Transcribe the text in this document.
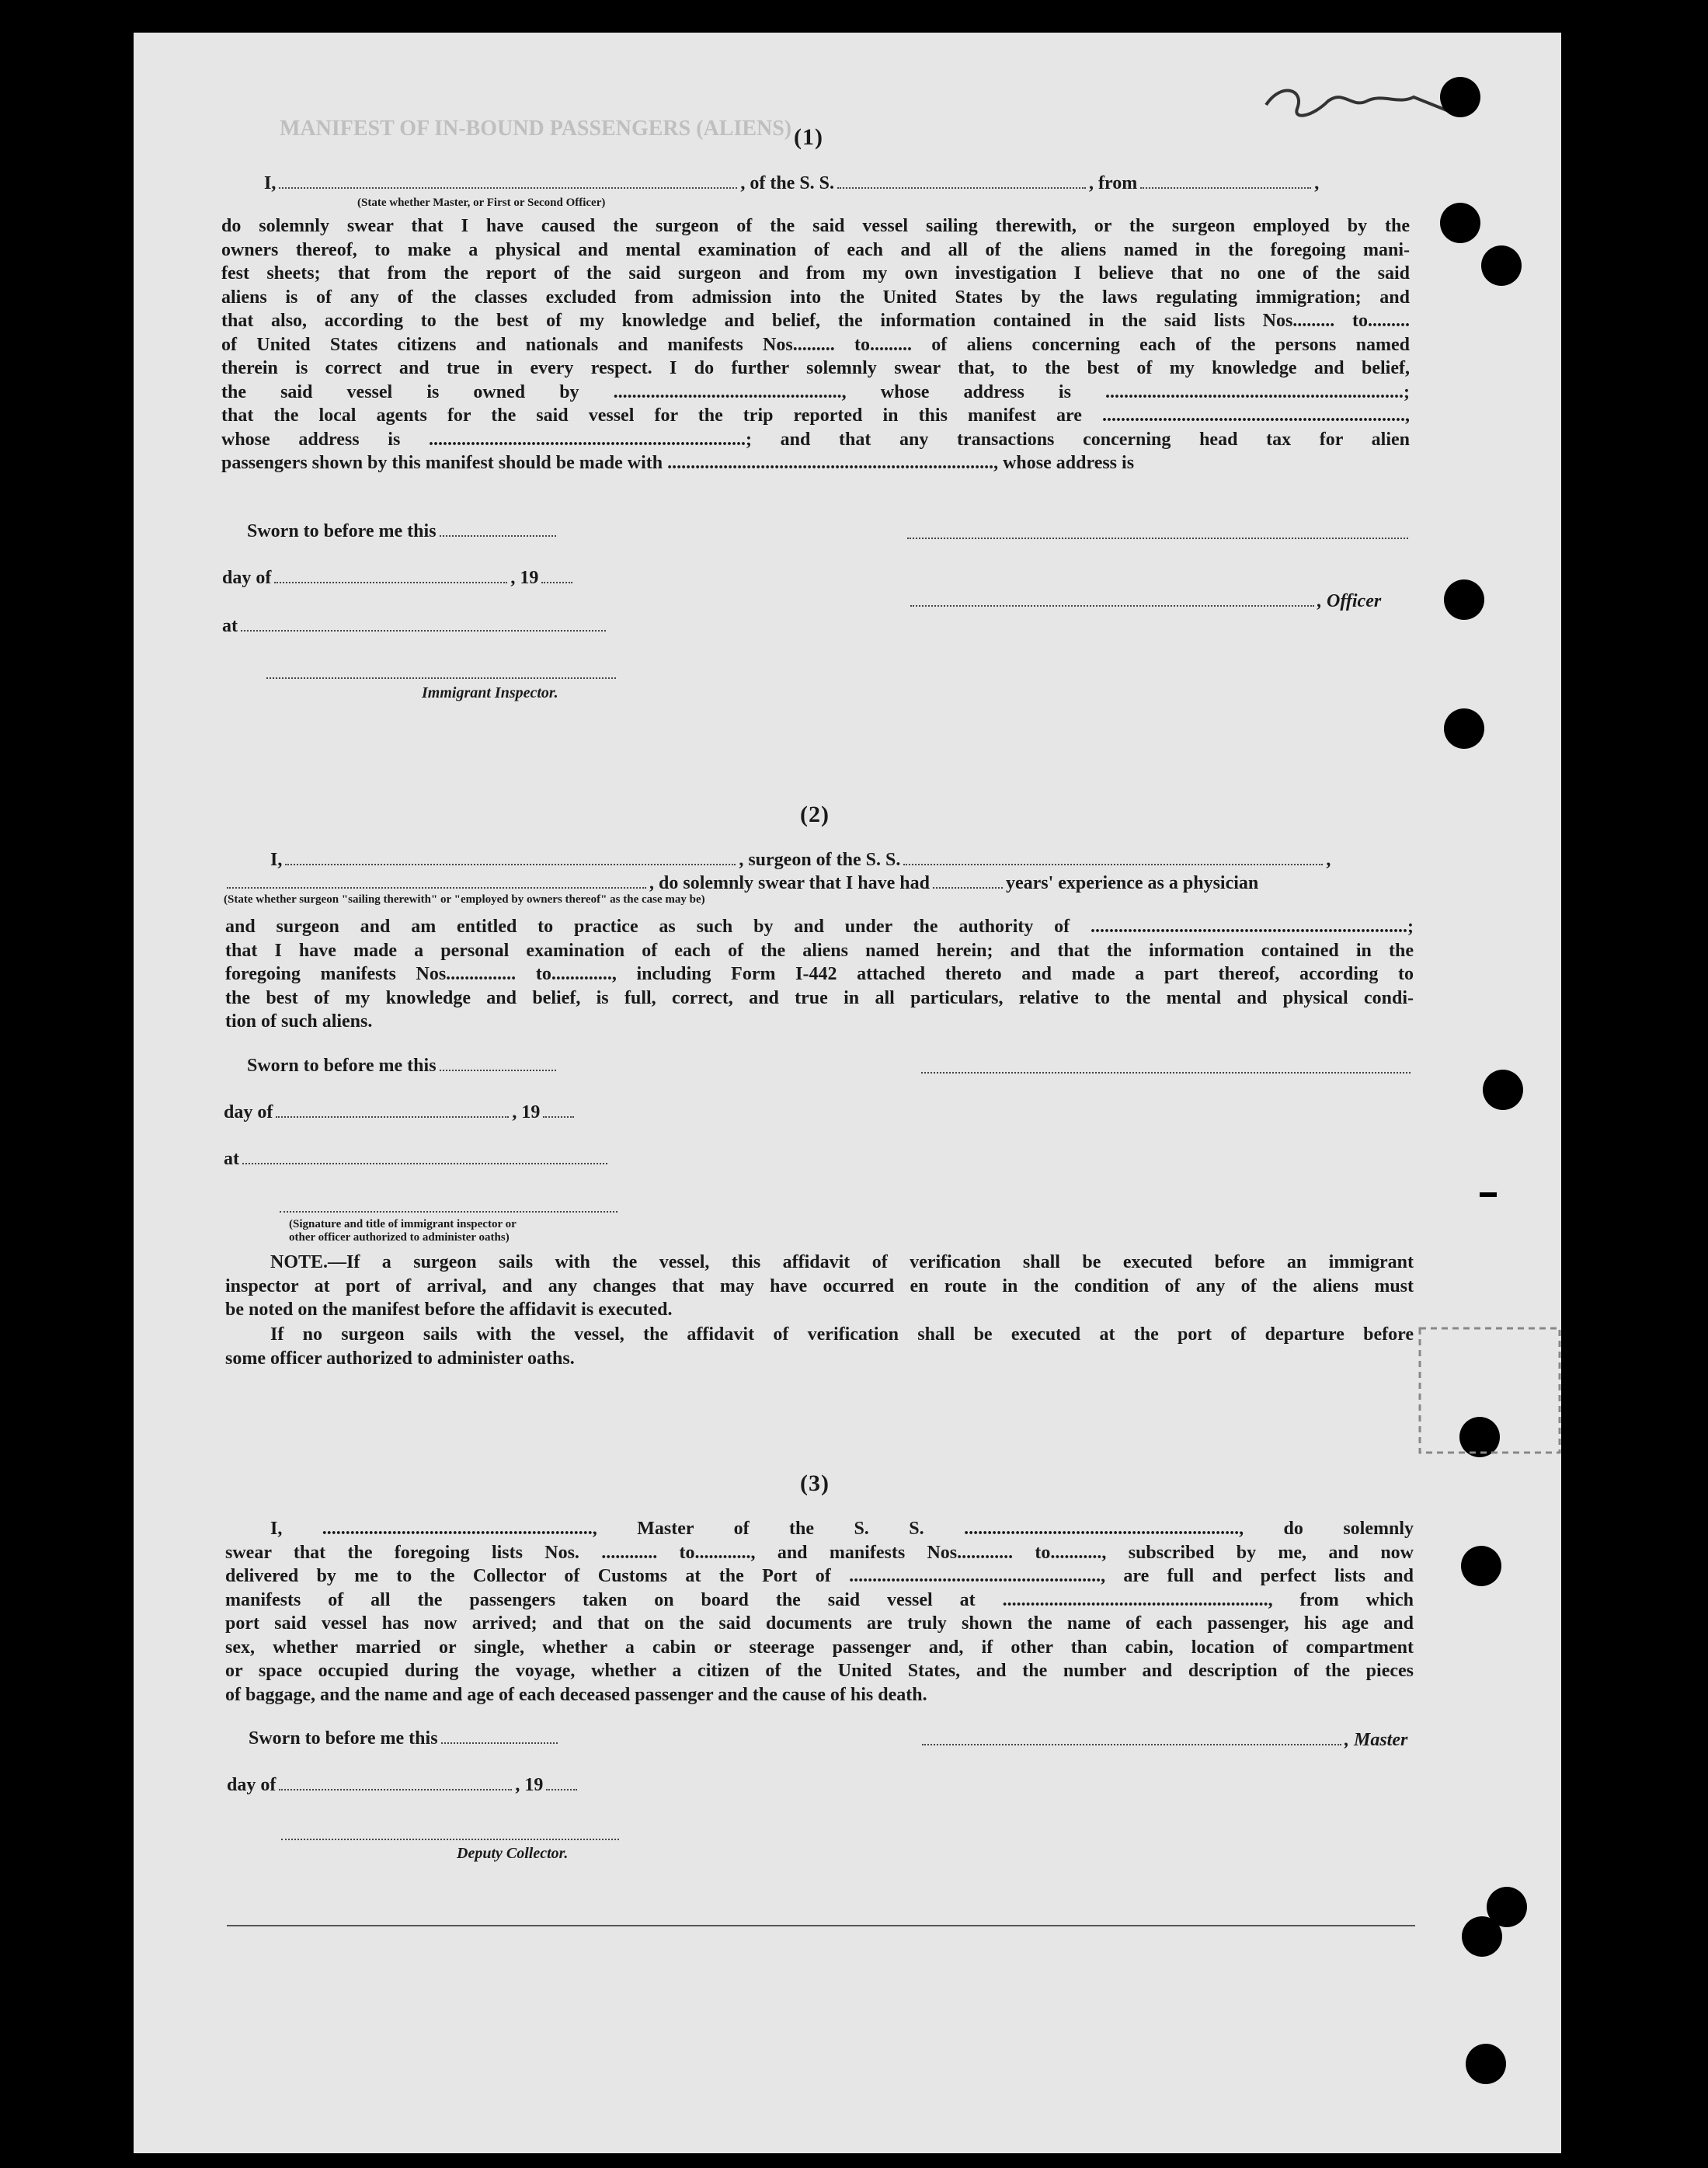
MANIFEST OF IN-BOUND PASSENGERS (ALIENS) (1)
I,	, of the S. S.	, from	,
(State whether Master, or First or Second Officer)
do solemnly swear that I have caused the surgeon of the said vessel sailing therewith, or the surgeon employed by the
owners thereof, to make a physical and mental examination of each and all of the aliens named in the foregoing mani-
fest sheets; that from the report of the said surgeon and from my own investigation I believe that no one of the said
aliens is of any of the classes excluded from admission into the United States by the laws regulating immigration; and
that also, according to the best of my knowledge and belief, the information contained in the said lists Nos......... to.........
of United States citizens and nationals and manifests Nos......... to......... of aliens concerning each of the persons named
therein is correct and true in every respect. I do further solemnly swear that, to the best of my knowledge and belief,
the said vessel is owned by ................................................., whose address is ................................................................;
that the local agents for the said vessel for the trip reported in this manifest are .................................................................,
whose address is ....................................................................; and that any transactions concerning head tax for alien
passengers shown by this manifest should be made with ......................................................................, whose address is
Sworn to before me this
day of	, 19
, Officer
at
Immigrant Inspector.
(2)
I,	, surgeon of the S. S.	,
, do solemnly swear that I have had	years' experience as a physician
(State whether surgeon "sailing therewith" or "employed by owners thereof" as the case may be)
and surgeon and am entitled to practice as such by and under the authority of ....................................................................;
that I have made a personal examination of each of the aliens named herein; and that the information contained in the
foregoing manifests Nos............... to............., including Form I-442 attached thereto and made a part thereof, according to
the best of my knowledge and belief, is full, correct, and true in all particulars, relative to the mental and physical condi-
tion of such aliens.
Sworn to before me this
day of	, 19
at
(Signature and title of immigrant inspector or
other officer authorized to administer oaths)
NOTE.—If a surgeon sails with the vessel, this affidavit of verification shall be executed before an immigrant
inspector at port of arrival, and any changes that may have occurred en route in the condition of any of the aliens must
be noted on the manifest before the affidavit is executed.
If no surgeon sails with the vessel, the affidavit of verification shall be executed at the port of departure before
some officer authorized to administer oaths.
(3)
I, .........................................................., Master of the S. S. ..........................................................., do solemnly
swear that the foregoing lists Nos. ............ to............, and manifests Nos............ to..........., subscribed by me, and now
delivered by me to the Collector of Customs at the Port of ......................................................, are full and perfect lists and
manifests of all the passengers taken on board the said vessel at ........................................................., from which
port said vessel has now arrived; and that on the said documents are truly shown the name of each passenger, his age and
sex, whether married or single, whether a cabin or steerage passenger and, if other than cabin, location of compartment
or space occupied during the voyage, whether a citizen of the United States, and the number and description of the pieces
of baggage, and the name and age of each deceased passenger and the cause of his death.
Sworn to before me this	, Master
day of	, 19
Deputy Collector.
